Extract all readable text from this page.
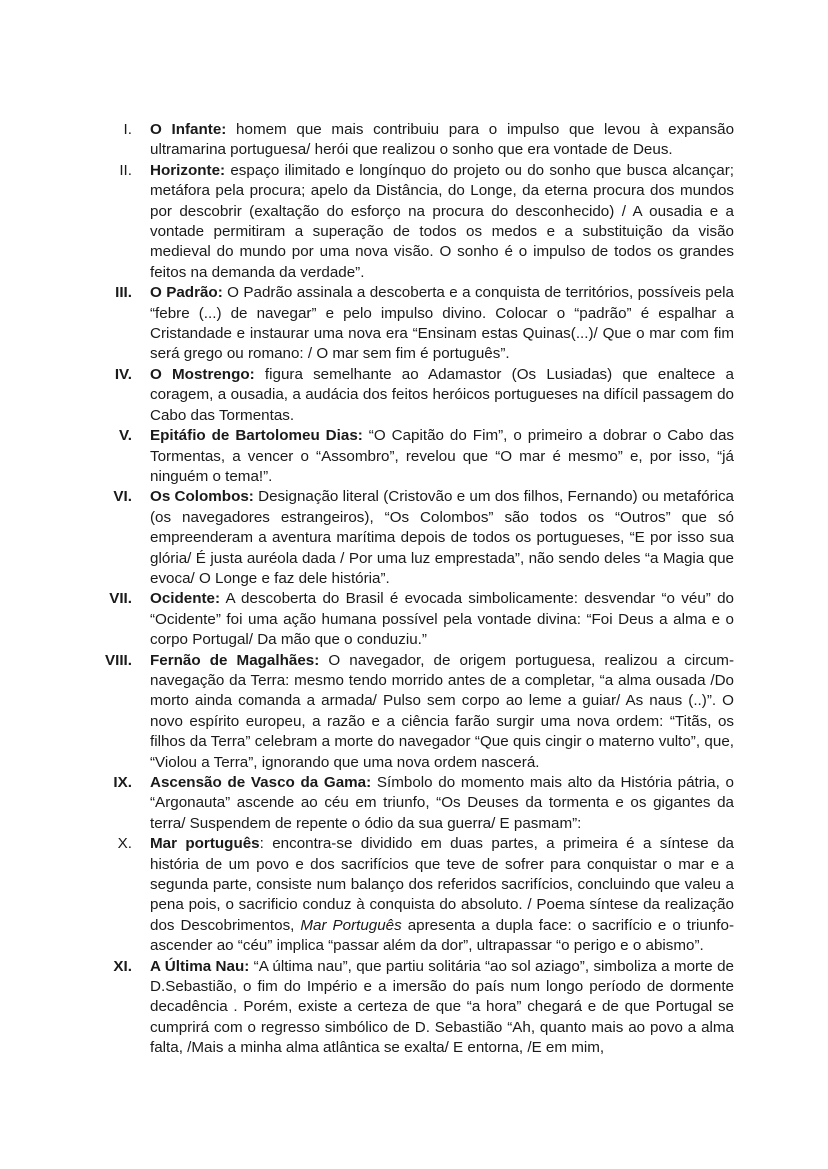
I.	O Infante: homem que mais contribuiu para o impulso que levou à expansão ultramarina portuguesa/ herói que realizou o sonho que era vontade de Deus.
II.	Horizonte: espaço ilimitado e longínquo do projeto ou do sonho que busca alcançar; metáfora pela procura; apelo da Distância, do Longe, da eterna procura dos mundos por descobrir (exaltação do esforço na procura do desconhecido) / A ousadia e a vontade permitiram a superação de todos os medos e a substituição da visão medieval do mundo por uma nova visão. O sonho é o impulso de todos os grandes feitos na demanda da verdade”.
III.	O Padrão: O Padrão assinala a descoberta e a conquista de territórios, possíveis pela “febre (...) de navegar” e pelo impulso divino. Colocar o “padrão” é espalhar a Cristandade e instaurar uma nova era “Ensinam estas Quinas(...)/ Que o mar com fim será grego ou romano: / O mar sem fim é português”.
IV.	O Mostrengo: figura semelhante ao Adamastor (Os Lusiadas) que enaltece a coragem, a ousadia, a audácia dos feitos heróicos portugueses na difícil passagem do Cabo das Tormentas.
V.	Epitáfio de Bartolomeu Dias: “O Capitão do Fim”, o primeiro a dobrar o Cabo das Tormentas, a vencer o “Assombro”, revelou que “O mar é mesmo” e, por isso, “já ninguém o tema!”.
VI.	Os Colombos: Designação literal (Cristovão e um dos filhos, Fernando) ou metafórica (os navegadores estrangeiros), “Os Colombos” são todos os “Outros” que só empreenderam a aventura marítima depois de todos os portugueses, “E por isso sua glória/ É justa auréola dada / Por uma luz emprestada”, não sendo deles “a Magia que evoca/ O Longe e faz dele história”.
VII.	Ocidente: A descoberta do Brasil é evocada simbolicamente: desvendar “o véu” do “Ocidente” foi uma ação humana possível pela vontade divina: “Foi Deus a alma e o corpo Portugal/ Da mão que o conduziu.”
VIII.	Fernão de Magalhães: O navegador, de origem portuguesa, realizou a circum-navegação da Terra: mesmo tendo morrido antes de a completar, “a alma ousada /Do morto ainda comanda a armada/ Pulso sem corpo ao leme a guiar/ As naus (..)”. O novo espírito europeu, a razão e a ciência farão surgir uma nova ordem: “Titãs, os filhos da Terra” celebram a morte do navegador “Que quis cingir o materno vulto”, que, “Violou a Terra”, ignorando que uma nova ordem nascerá.
IX.	Ascensão de Vasco da Gama: Símbolo do momento mais alto da História pátria, o “Argonauta” ascende ao céu em triunfo, “Os Deuses da tormenta e os gigantes da terra/ Suspendem de repente o ódio da sua guerra/ E pasmam”:
X.	Mar português: encontra-se dividido em duas partes, a primeira é a síntese da história de um povo e dos sacrifícios que teve de sofrer para conquistar o mar e a segunda parte, consiste num balanço dos referidos sacrifícios, concluindo que valeu a pena pois, o sacrificio conduz à conquista do absoluto. / Poema síntese da realização dos Descobrimentos, Mar Português apresenta a dupla face: o sacrifício e o triunfo- ascender ao “céu” implica “passar além da dor”, ultrapassar “o perigo e o abismo”.
XI.	A Última Nau: “A última nau”, que partiu solitária “ao sol aziago”, simboliza a morte de D.Sebastião, o fim do Império e a imersão do país num longo período de dormente decadência . Porém, existe a certeza de que “a hora” chegará e de que Portugal se cumprirá com o regresso simbólico de D. Sebastião “Ah, quanto mais ao povo a alma falta, /Mais a minha alma atlântica se exalta/ E entorna, /E em mim,
